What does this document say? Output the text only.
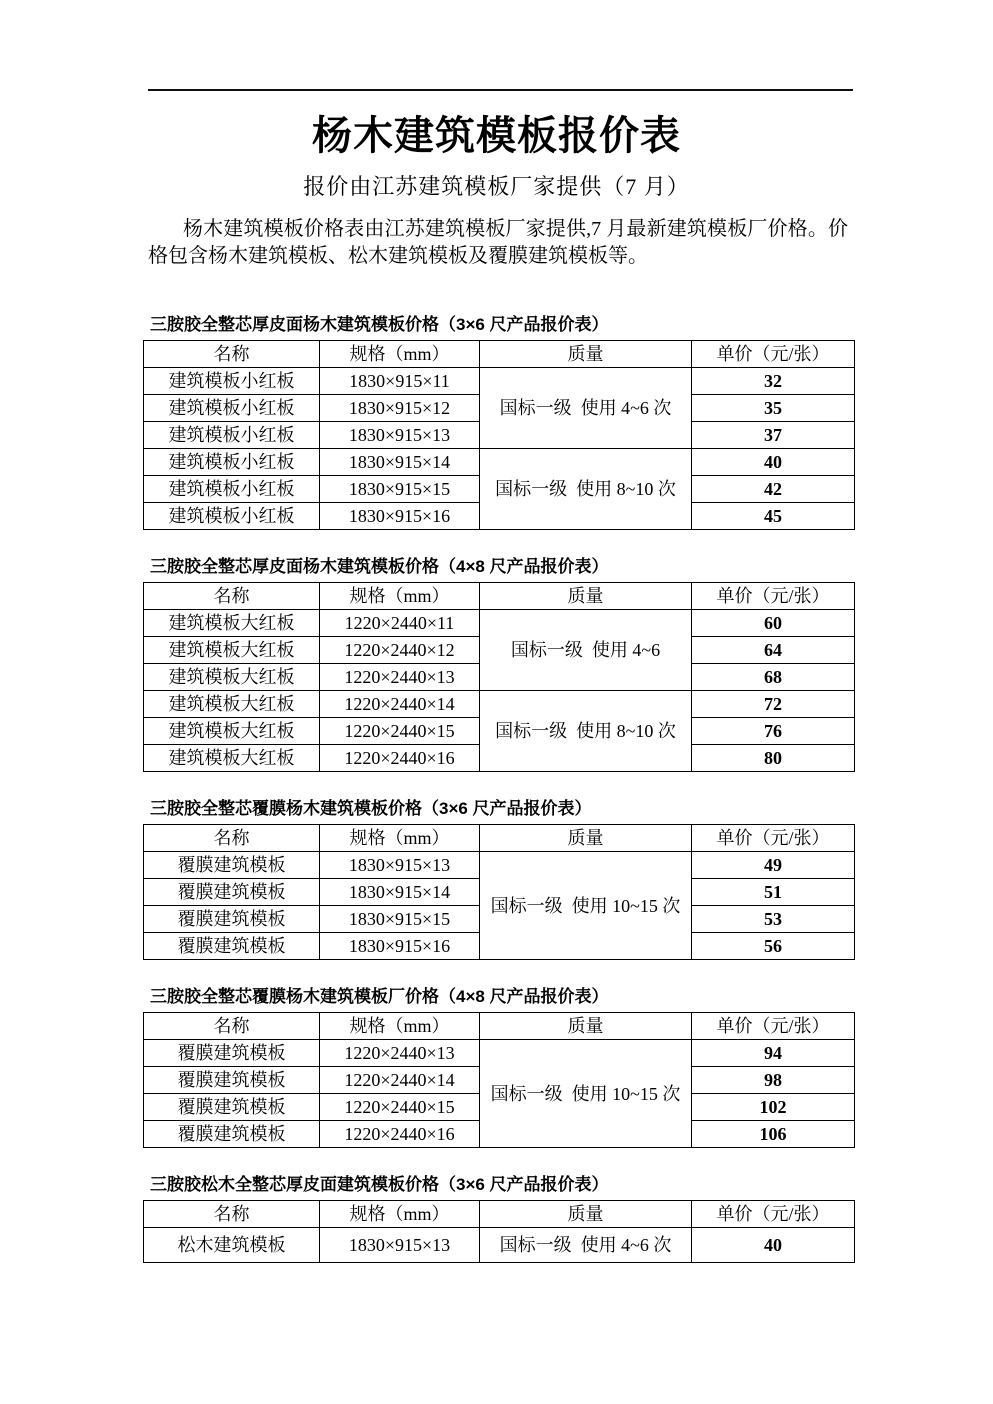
杨木建筑模板报价表
报价由江苏建筑模板厂家提供（7 月）

杨木建筑模板价格表由江苏建筑模板厂家提供,7 月最新建筑模板厂价格。价格包含杨木建筑模板、松木建筑模板及覆膜建筑模板等。

三胺胶全整芯厚皮面杨木建筑模板价格（3×6 尺产品报价表）
名称	规格（mm）	质量	单价（元/张）
建筑模板小红板	1830×915×11	国标一级  使用 4~6 次	32
建筑模板小红板	1830×915×12		35
建筑模板小红板	1830×915×13		37
建筑模板小红板	1830×915×14	国标一级  使用 8~10 次	40
建筑模板小红板	1830×915×15		42
建筑模板小红板	1830×915×16		45
三胺胶全整芯厚皮面杨木建筑模板价格（4×8 尺产品报价表）
名称	规格（mm）	质量	单价（元/张）
建筑模板大红板	1220×2440×11	国标一级  使用 4~6	60
建筑模板大红板	1220×2440×12		64
建筑模板大红板	1220×2440×13		68
建筑模板大红板	1220×2440×14	国标一级  使用 8~10 次	72
建筑模板大红板	1220×2440×15		76
建筑模板大红板	1220×2440×16		80
三胺胶全整芯覆膜杨木建筑模板价格（3×6 尺产品报价表）
名称	规格（mm）	质量	单价（元/张）
覆膜建筑模板	1830×915×13	国标一级  使用 10~15 次	49
覆膜建筑模板	1830×915×14		51
覆膜建筑模板	1830×915×15		53
覆膜建筑模板	1830×915×16		56
三胺胶全整芯覆膜杨木建筑模板厂价格（4×8 尺产品报价表）
名称	规格（mm）	质量	单价（元/张）
覆膜建筑模板	1220×2440×13	国标一级  使用 10~15 次	94
覆膜建筑模板	1220×2440×14		98
覆膜建筑模板	1220×2440×15		102
覆膜建筑模板	1220×2440×16		106
三胺胶松木全整芯厚皮面建筑模板价格（3×6 尺产品报价表）
名称	规格（mm）	质量	单价（元/张）
松木建筑模板	1830×915×13	国标一级  使用 4~6 次	40
